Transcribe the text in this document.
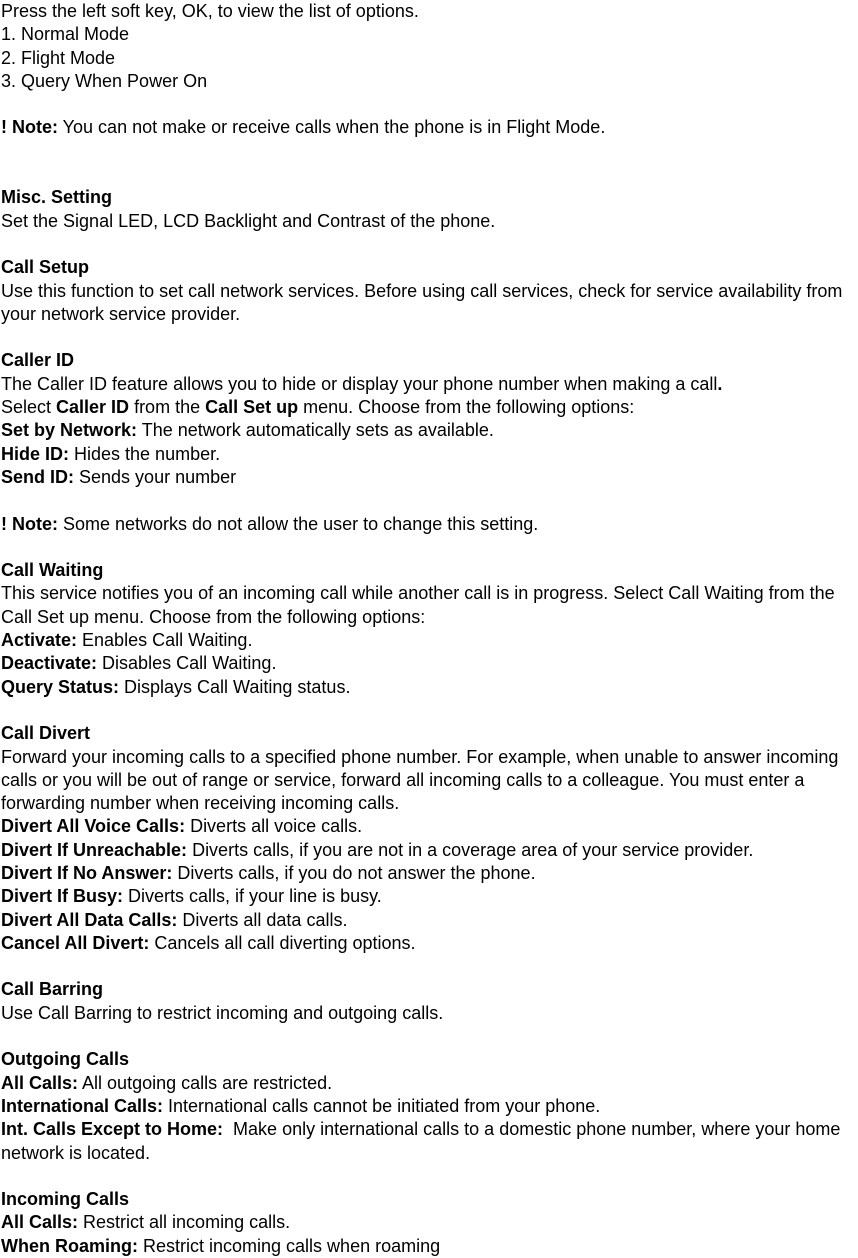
Press the left soft key, OK, to view the list of options.

1. Normal Mode

2. Flight Mode

3. Query When Power On

! Note: You can not make or receive calls when the phone is in Flight Mode.

Misc. Setting

Set the Signal LED, LCD Backlight and Contrast of the phone.

Call Setup

Use this function to set call network services. Before using call services, check for service availability from your network service provider.

Caller ID

The Caller ID feature allows you to hide or display your phone number when making a call.

Select Caller ID from the Call Set up menu. Choose from the following options:

Set by Network: The network automatically sets as available.

Hide ID: Hides the number.

Send ID: Sends your number

! Note: Some networks do not allow the user to change this setting.

Call Waiting

This service notifies you of an incoming call while another call is in progress. Select Call Waiting from the Call Set up menu. Choose from the following options:

Activate: Enables Call Waiting.

Deactivate: Disables Call Waiting.

Query Status: Displays Call Waiting status.

Call Divert

Forward your incoming calls to a specified phone number. For example, when unable to answer incoming calls or you will be out of range or service, forward all incoming calls to a colleague. You must enter a forwarding number when receiving incoming calls.

Divert All Voice Calls: Diverts all voice calls.

Divert If Unreachable: Diverts calls, if you are not in a coverage area of your service provider.

Divert If No Answer: Diverts calls, if you do not answer the phone.

Divert If Busy: Diverts calls, if your line is busy.

Divert All Data Calls: Diverts all data calls.

Cancel All Divert: Cancels all call diverting options.

Call Barring

Use Call Barring to restrict incoming and outgoing calls.

Outgoing Calls

All Calls: All outgoing calls are restricted.

International Calls: International calls cannot be initiated from your phone.

Int. Calls Except to Home:  Make only international calls to a domestic phone number, where your home network is located.

Incoming Calls

All Calls: Restrict all incoming calls.

When Roaming: Restrict incoming calls when roaming
